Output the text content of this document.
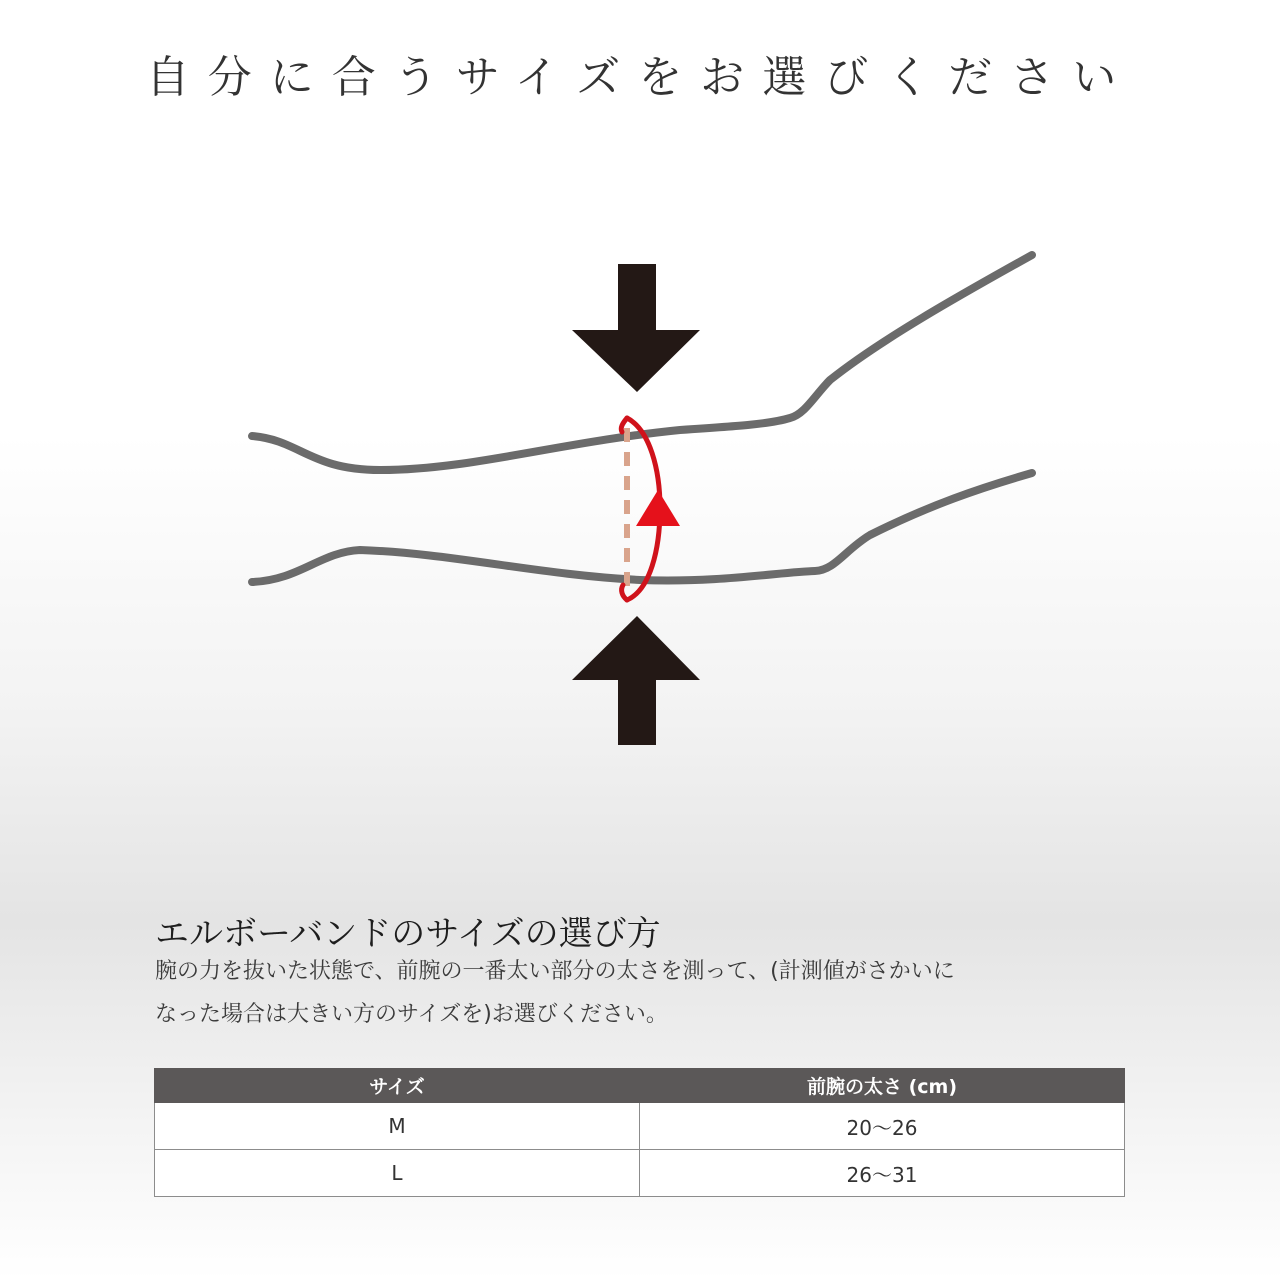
自分に合うサイズをお選びください
エルボーバンドのサイズの選び方

腕の力を抜いた状態で、前腕の一番太い部分の太さを測って、(計測値がさかいに
なった場合は大きい方のサイズを)お選びください。

サイズ	前腕の太さ (cm)
M	20〜26
L	26〜31
